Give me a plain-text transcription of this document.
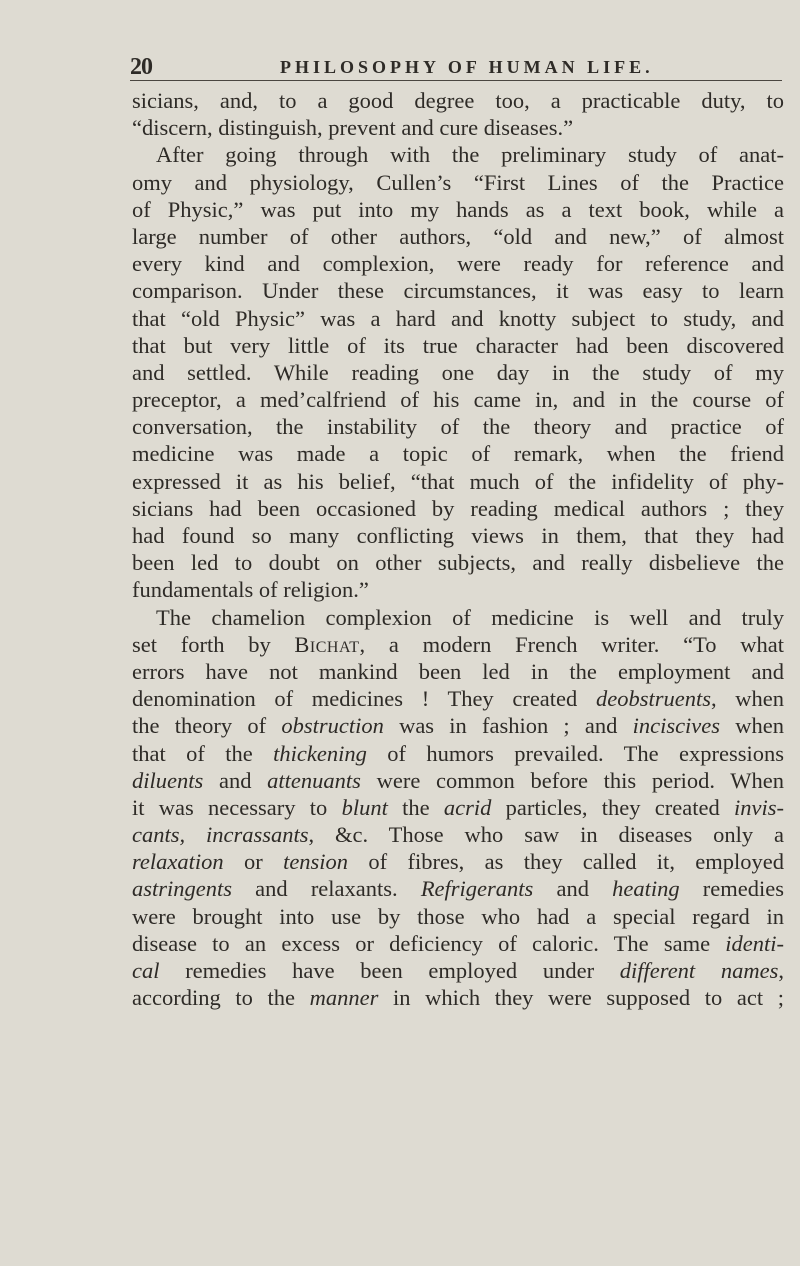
20	PHILOSOPHY OF HUMAN LIFE.
sicians, and, to a good degree too, a practicable duty, to
“discern, distinguish, prevent and cure diseases.”
After going through with the preliminary study of anat-
omy and physiology, Cullen’s “First Lines of the Practice
of Physic,” was put into my hands as a text book, while a
large number of other authors, “old and new,” of almost
every kind and complexion, were ready for reference and
comparison. Under these circumstances, it was easy to learn
that “old Physic” was a hard and knotty subject to study, and
that but very little of its true character had been discovered
and settled. While reading one day in the study of my
preceptor, a med’calfriend of his came in, and in the course of
conversation, the instability of the theory and practice of
medicine was made a topic of remark, when the friend
expressed it as his belief, “that much of the infidelity of phy-
sicians had been occasioned by reading medical authors ; they
had found so many conflicting views in them, that they had
been led to doubt on other subjects, and really disbelieve the
fundamentals of religion.”
The chamelion complexion of medicine is well and truly
set forth by Bichat, a modern French writer. “To what
errors have not mankind been led in the employment and
denomination of medicines ! They created deobstruents, when
the theory of obstruction was in fashion ; and inciscives when
that of the thickening of humors prevailed. The expressions
diluents and attenuants were common before this period. When
it was necessary to blunt the acrid particles, they created invis-
cants, incrassants, &c. Those who saw in diseases only a
relaxation or tension of fibres, as they called it, employed
astringents and relaxants. Refrigerants and heating remedies
were brought into use by those who had a special regard in
disease to an excess or deficiency of caloric. The same identi-
cal remedies have been employed under different names,
according to the manner in which they were supposed to act ;
